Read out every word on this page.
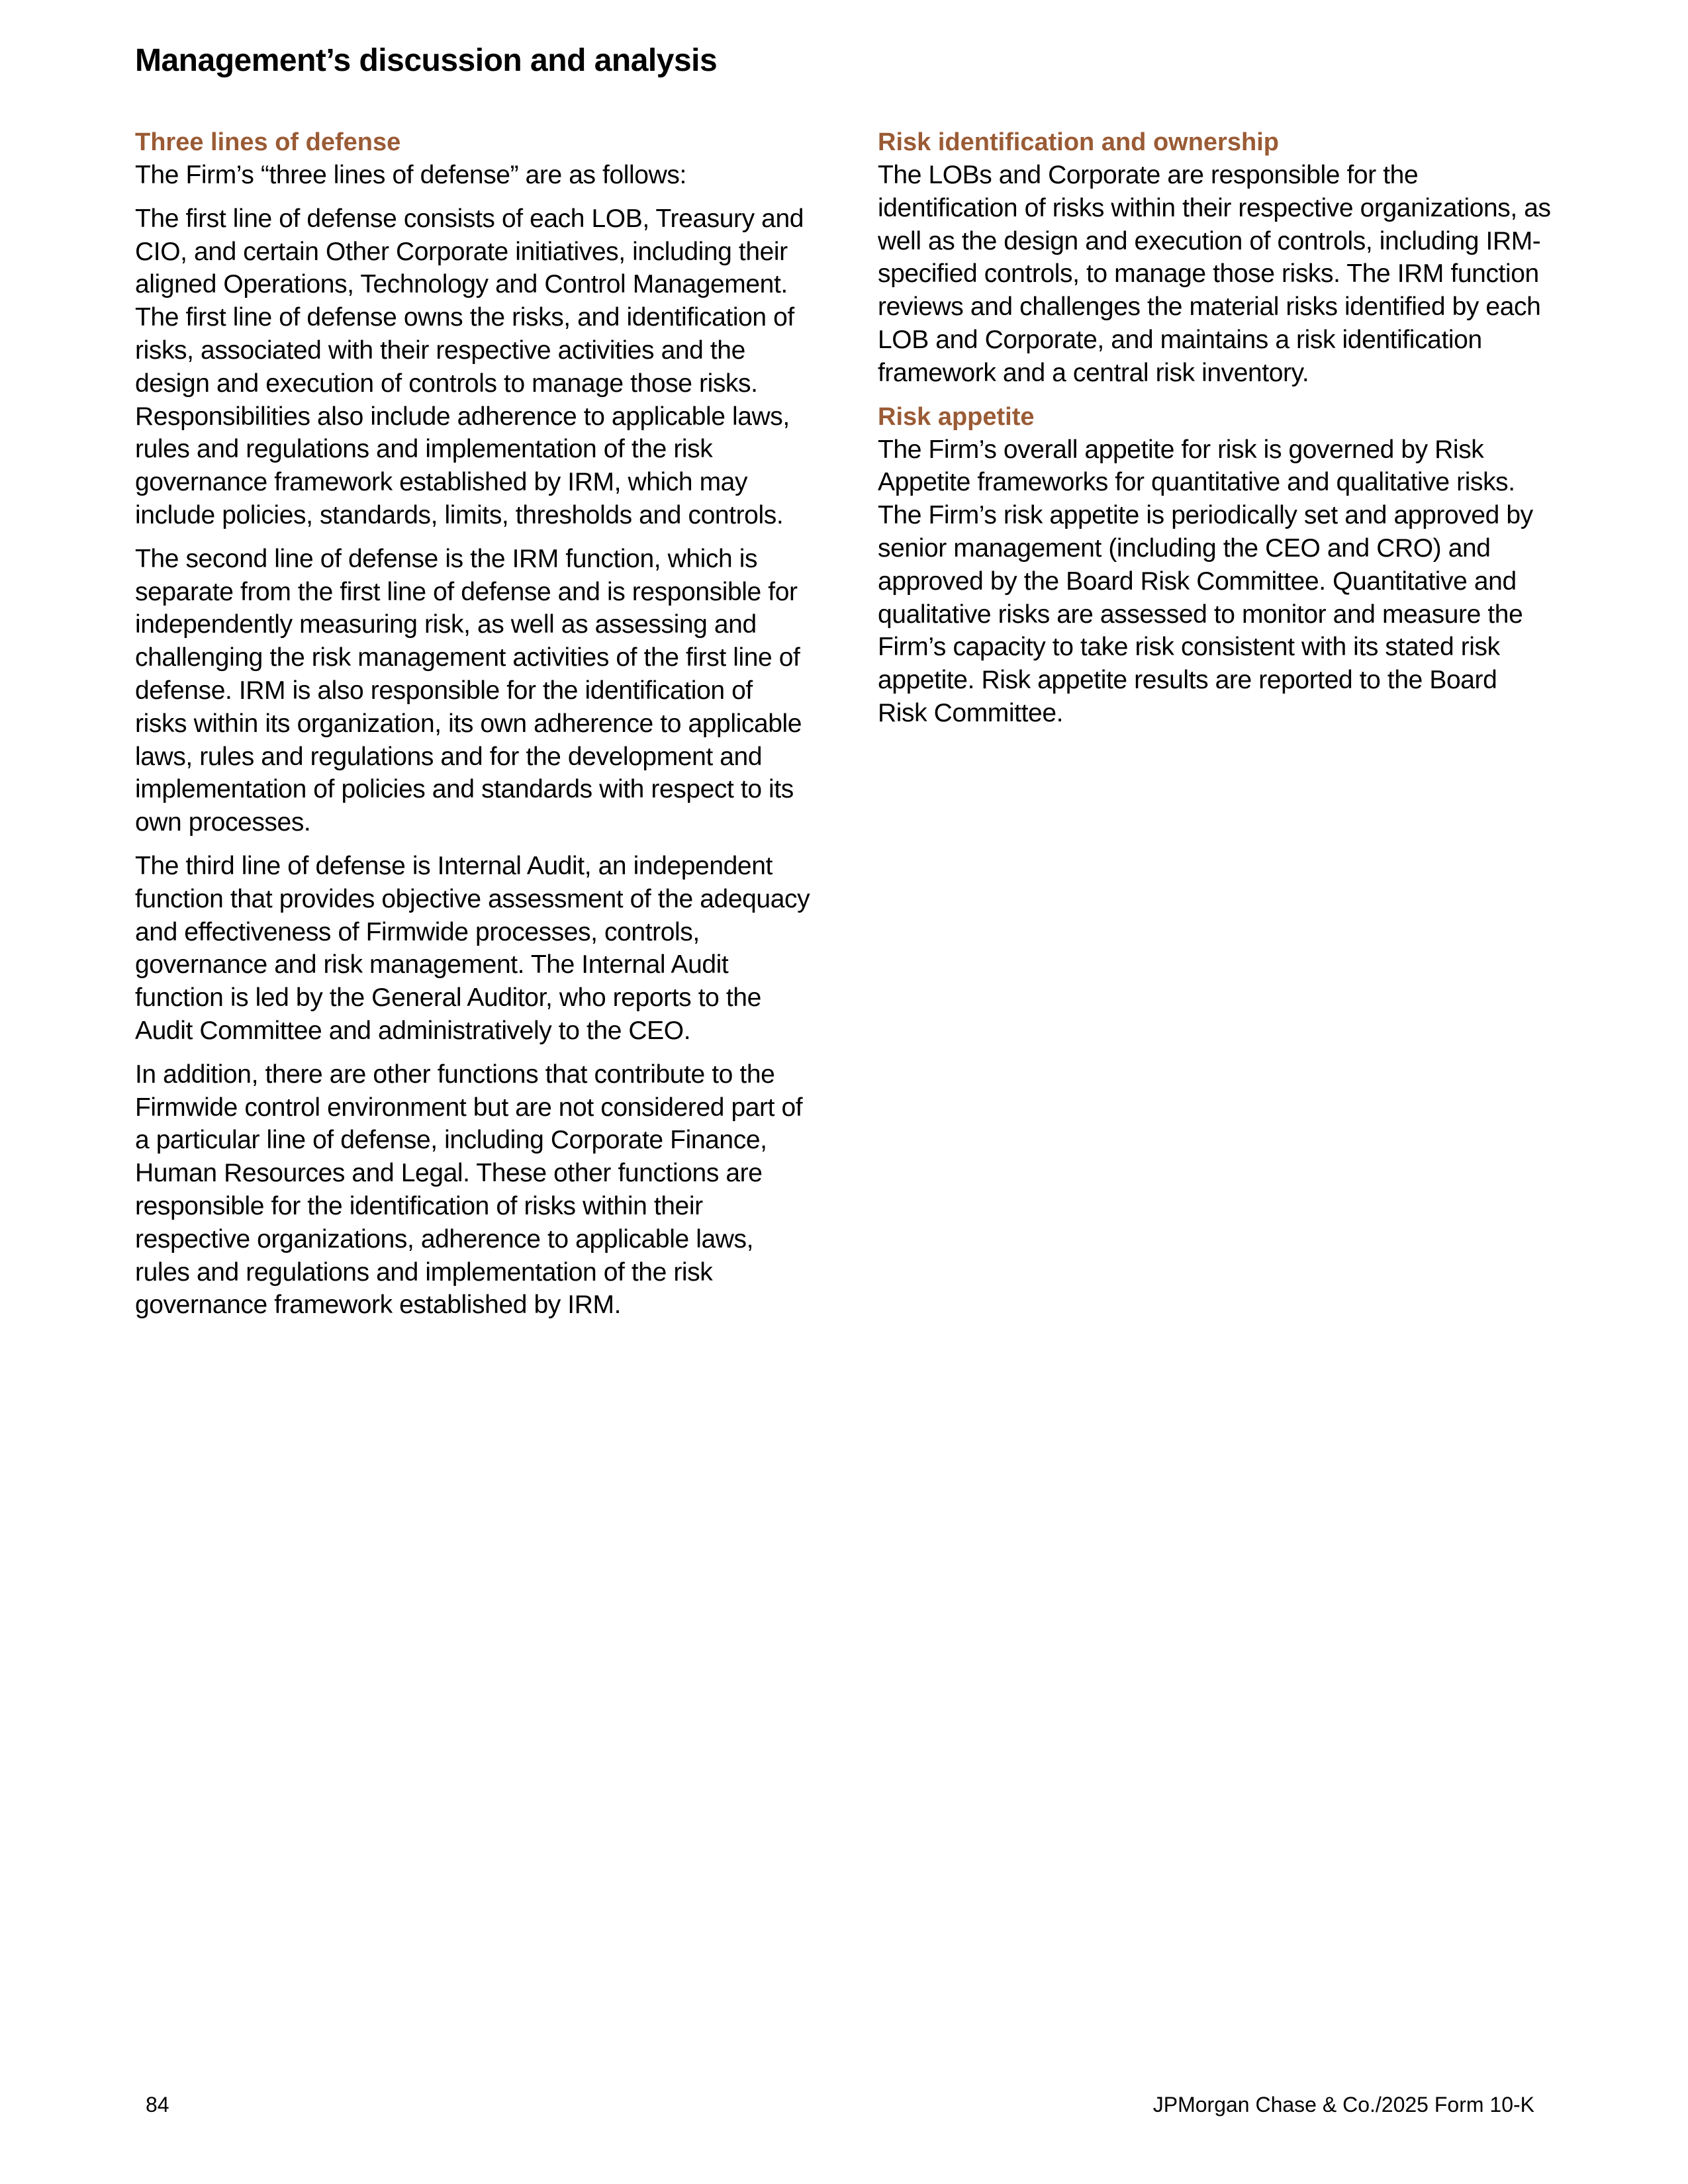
Management’s discussion and analysis
Three lines of defense

The Firm’s “three lines of defense” are as follows:

The first line of defense consists of each LOB, Treasury and CIO, and certain Other Corporate initiatives, including their aligned Operations, Technology and Control Management. The first line of defense owns the risks, and identification of risks, associated with their respective activities and the design and execution of controls to manage those risks. Responsibilities also include adherence to applicable laws, rules and regulations and implementation of the risk governance framework established by IRM, which may include policies, standards, limits, thresholds and controls.

The second line of defense is the IRM function, which is separate from the first line of defense and is responsible for independently measuring risk, as well as assessing and challenging the risk management activities of the first line of defense. IRM is also responsible for the identification of risks within its organization, its own adherence to applicable laws, rules and regulations and for the development and implementation of policies and standards with respect to its own processes.

The third line of defense is Internal Audit, an independent function that provides objective assessment of the adequacy and effectiveness of Firmwide processes, controls, governance and risk management. The Internal Audit function is led by the General Auditor, who reports to the Audit Committee and administratively to the CEO.

In addition, there are other functions that contribute to the Firmwide control environment but are not considered part of a particular line of defense, including Corporate Finance, Human Resources and Legal. These other functions are responsible for the identification of risks within their respective organizations, adherence to applicable laws, rules and regulations and implementation of the risk governance framework established by IRM.

Risk identification and ownership

The LOBs and Corporate are responsible for the identification of risks within their respective organizations, as well as the design and execution of controls, including IRM-specified controls, to manage those risks. The IRM function reviews and challenges the material risks identified by each LOB and Corporate, and maintains a risk identification framework and a central risk inventory.

Risk appetite

The Firm’s overall appetite for risk is governed by Risk Appetite frameworks for quantitative and qualitative risks. The Firm’s risk appetite is periodically set and approved by senior management (including the CEO and CRO) and approved by the Board Risk Committee. Quantitative and qualitative risks are assessed to monitor and measure the Firm’s capacity to take risk consistent with its stated risk appetite. Risk appetite results are reported to the Board Risk Committee.

84	JPMorgan Chase & Co./2025 Form 10-K
